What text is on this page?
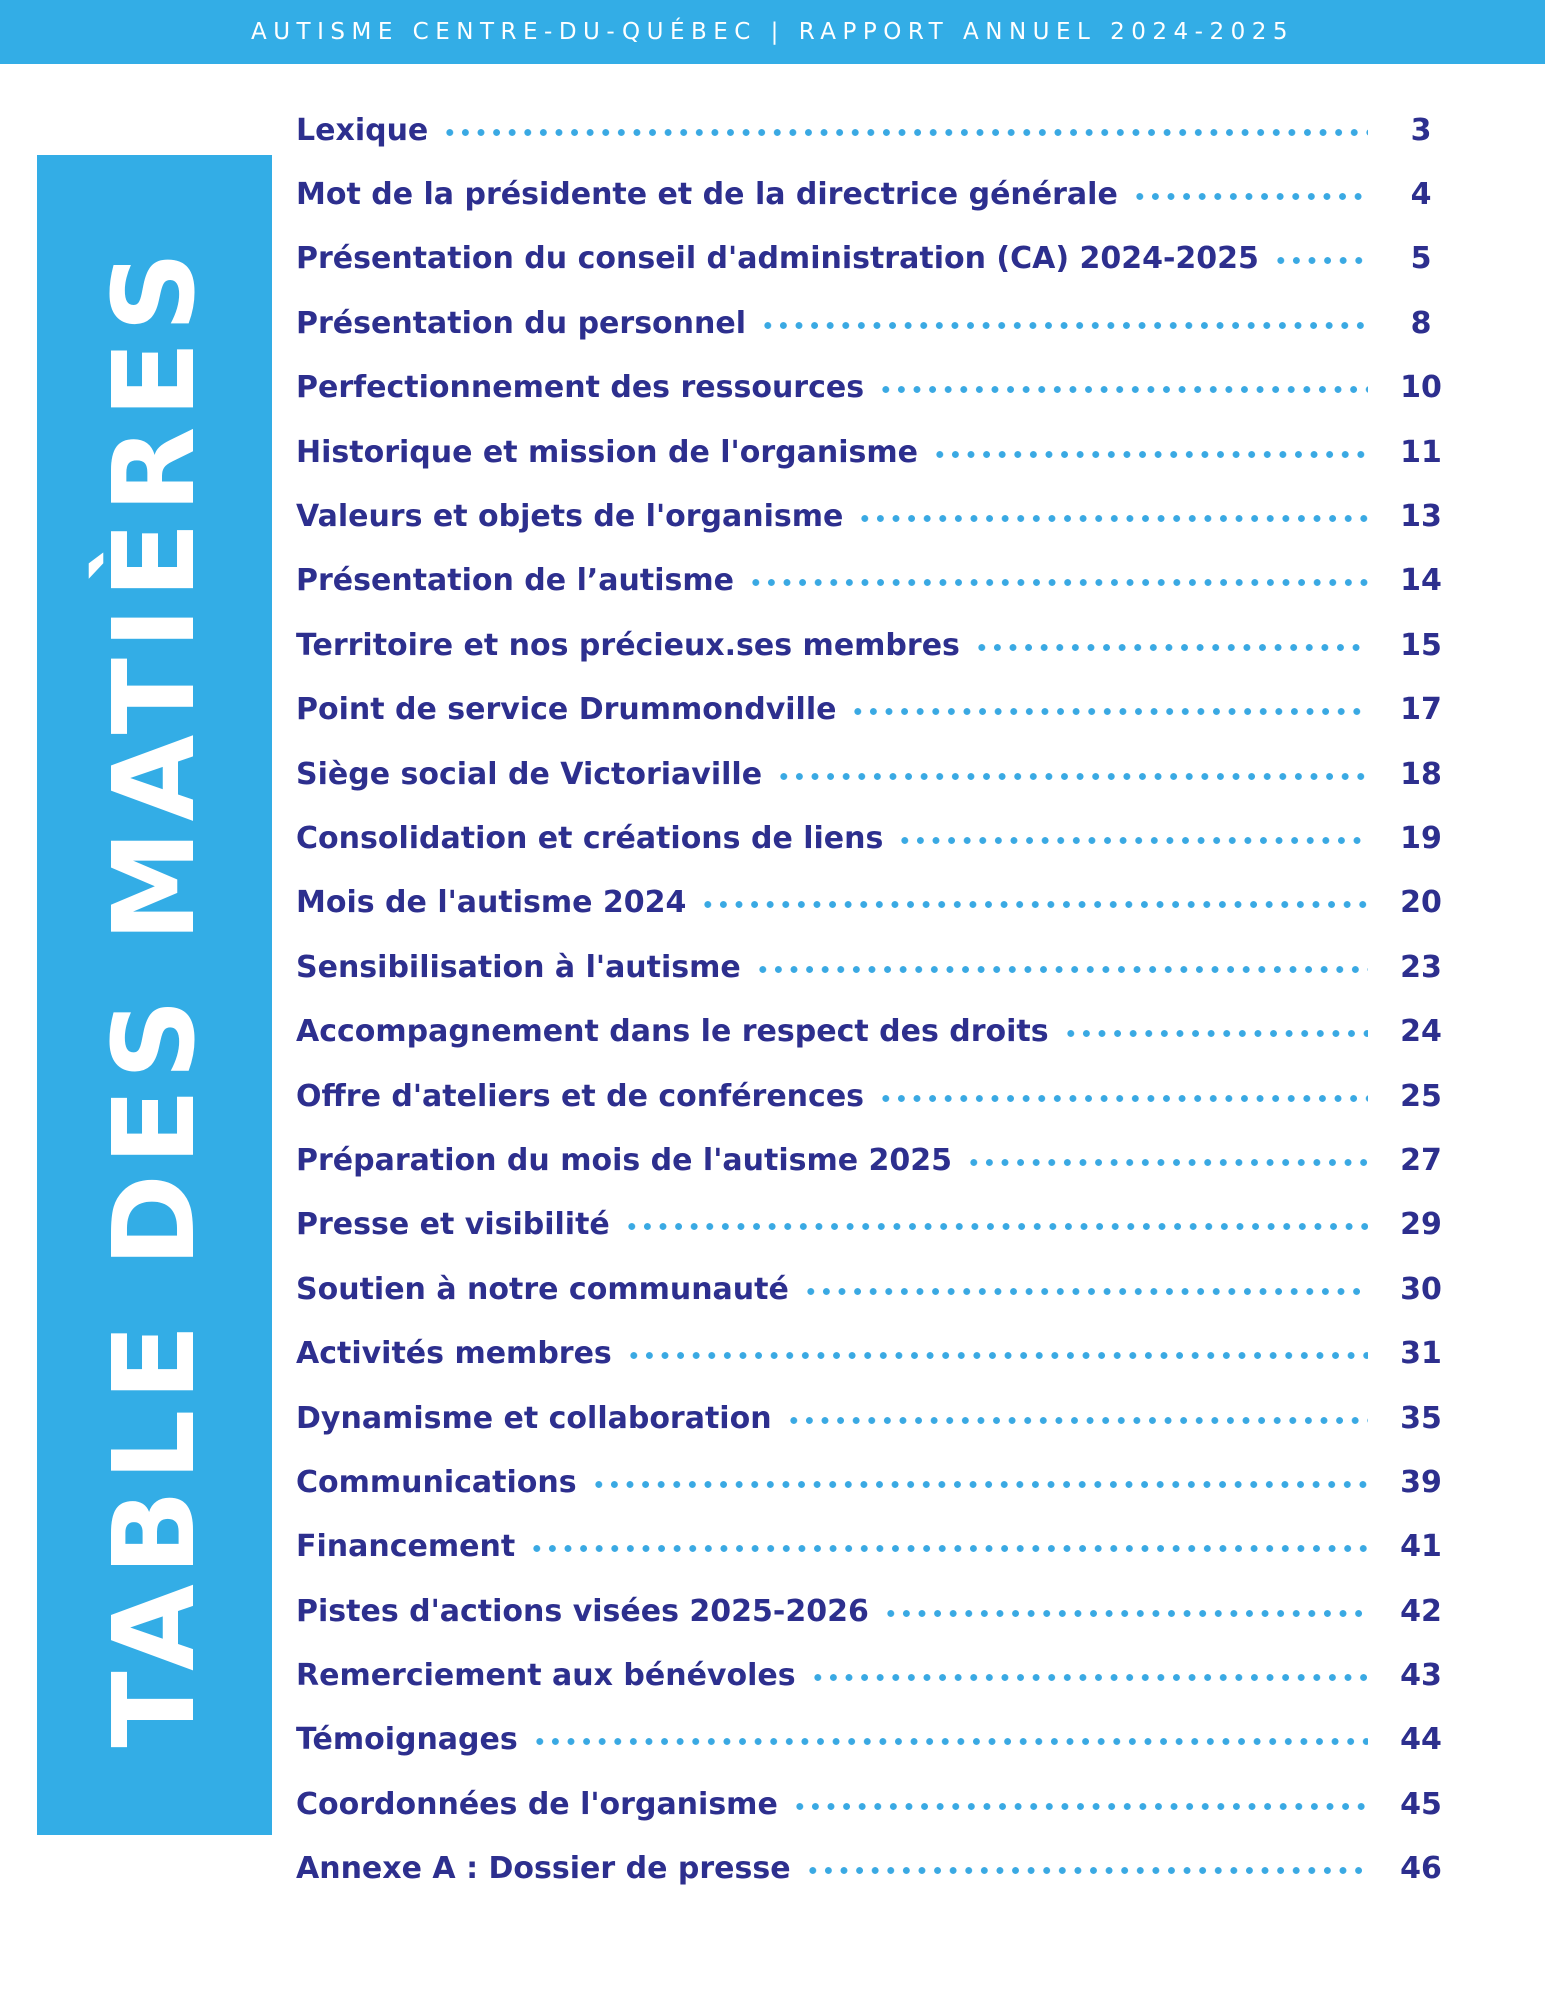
AUTISME CENTRE-DU-QUÉBEC | RAPPORT ANNUEL 2024-2025
TABLE DES MATIÈRES
Lexique	3
Mot de la présidente et de la directrice générale	4
Présentation du conseil d'administration (CA) 2024-2025	5
Présentation du personnel	8
Perfectionnement des ressources	10
Historique et mission de l'organisme	11
Valeurs et objets de l'organisme	13
Présentation de l’autisme	14
Territoire et nos précieux.ses membres	15
Point de service Drummondville	17
Siège social de Victoriaville	18
Consolidation et créations de liens	19
Mois de l'autisme 2024	20
Sensibilisation à l'autisme	23
Accompagnement dans le respect des droits	24
Offre d'ateliers et de conférences	25
Préparation du mois de l'autisme 2025	27
Presse et visibilité	29
Soutien à notre communauté	30
Activités membres	31
Dynamisme et collaboration	35
Communications	39
Financement	41
Pistes d'actions visées 2025-2026	42
Remerciement aux bénévoles	43
Témoignages	44
Coordonnées de l'organisme	45
Annexe A : Dossier de presse	46
